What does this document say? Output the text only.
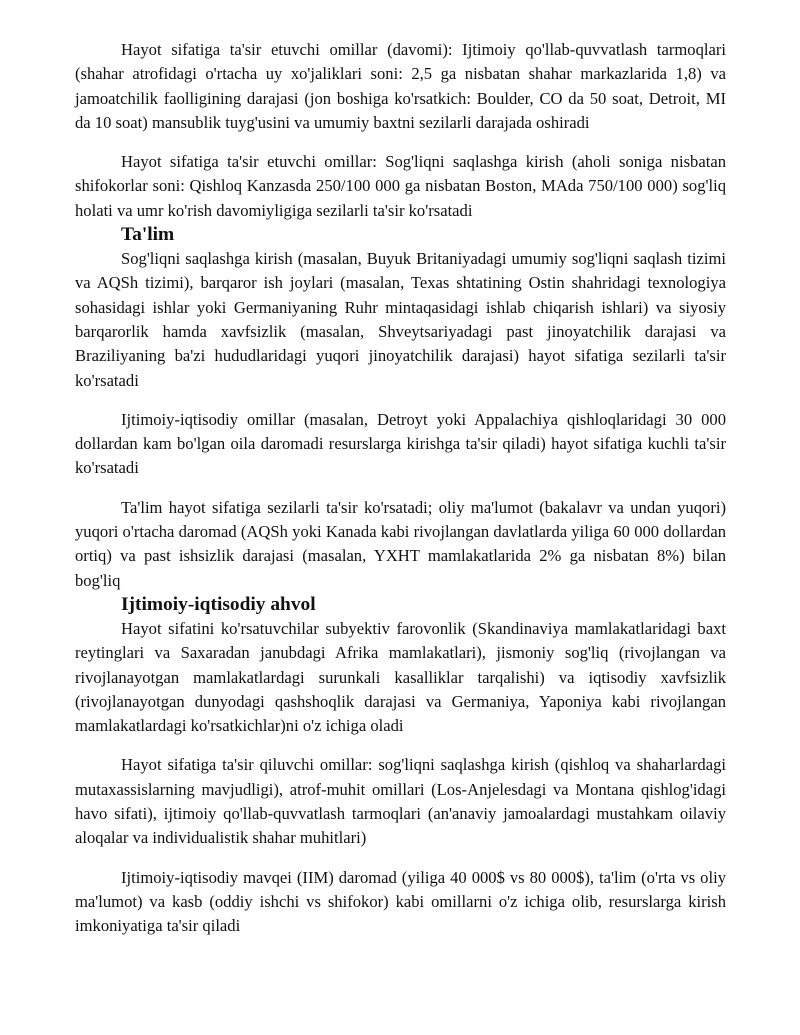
Hayot sifatiga ta'sir etuvchi omillar (davomi): Ijtimoiy qo'llab-quvvatlash tarmoqlari (shahar atrofidagi o'rtacha uy xo'jaliklari soni: 2,5 ga nisbatan shahar markazlarida 1,8) va jamoatchilik faolligining darajasi (jon boshiga ko'rsatkich: Boulder, CO da 50 soat, Detroit, MI da 10 soat) mansublik tuyg'usini va umumiy baxtni sezilarli darajada oshiradi

Hayot sifatiga ta'sir etuvchi omillar: Sog'liqni saqlashga kirish (aholi soniga nisbatan shifokorlar soni: Qishloq Kanzasda 250/100 000 ga nisbatan Boston, MAda 750/100 000) sog'liq holati va umr ko'rish davomiyligiga sezilarli ta'sir ko'rsatadi

Ta'lim

Sog'liqni saqlashga kirish (masalan, Buyuk Britaniyadagi umumiy sog'liqni saqlash tizimi va AQSh tizimi), barqaror ish joylari (masalan, Texas shtatining Ostin shahridagi texnologiya sohasidagi ishlar yoki Germaniyaning Ruhr mintaqasidagi ishlab chiqarish ishlari) va siyosiy barqarorlik hamda xavfsizlik (masalan, Shveytsariyadagi past jinoyatchilik darajasi va Braziliyaning ba'zi hududlaridagi yuqori jinoyatchilik darajasi) hayot sifatiga sezilarli ta'sir ko'rsatadi

Ijtimoiy-iqtisodiy omillar (masalan, Detroyt yoki Appalachiya qishloqlaridagi 30 000 dollardan kam bo'lgan oila daromadi resurslarga kirishga ta'sir qiladi) hayot sifatiga kuchli ta'sir ko'rsatadi

Ta'lim hayot sifatiga sezilarli ta'sir ko'rsatadi; oliy ma'lumot (bakalavr va undan yuqori) yuqori o'rtacha daromad (AQSh yoki Kanada kabi rivojlangan davlatlarda yiliga 60 000 dollardan ortiq) va past ishsizlik darajasi (masalan, YXHT mamlakatlarida 2% ga nisbatan 8%) bilan bog'liq

Ijtimoiy-iqtisodiy ahvol

Hayot sifatini ko'rsatuvchilar subyektiv farovonlik (Skandinaviya mamlakatlaridagi baxt reytinglari va Saxaradan janubdagi Afrika mamlakatlari), jismoniy sog'liq (rivojlangan va rivojlanayotgan mamlakatlardagi surunkali kasalliklar tarqalishi) va iqtisodiy xavfsizlik (rivojlanayotgan dunyodagi qashshoqlik darajasi va Germaniya, Yaponiya kabi rivojlangan mamlakatlardagi ko'rsatkichlar)ni o'z ichiga oladi

Hayot sifatiga ta'sir qiluvchi omillar: sog'liqni saqlashga kirish (qishloq va shaharlardagi mutaxassislarning mavjudligi), atrof-muhit omillari (Los-Anjelesdagi va Montana qishlog'idagi havo sifati), ijtimoiy qo'llab-quvvatlash tarmoqlari (an'anaviy jamoalardagi mustahkam oilaviy aloqalar va individualistik shahar muhitlari)

Ijtimoiy-iqtisodiy mavqei (IIM) daromad (yiliga 40 000$ vs 80 000$), ta'lim (o'rta vs oliy ma'lumot) va kasb (oddiy ishchi vs shifokor) kabi omillarni o'z ichiga olib, resurslarga kirish imkoniyatiga ta'sir qiladi
